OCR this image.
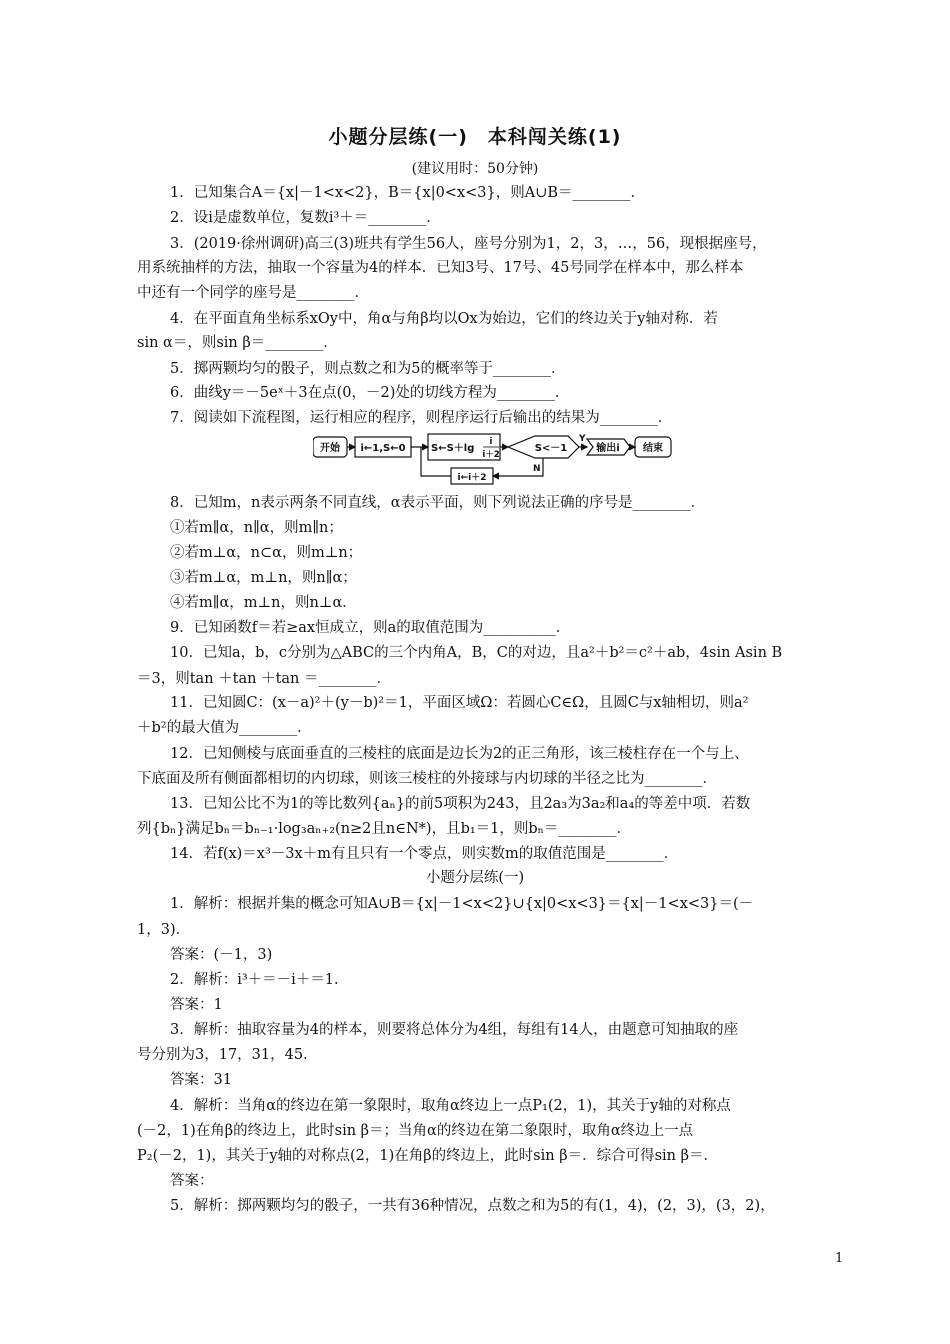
小题分层练(一)　本科闯关练(1)
(建议用时：50分钟)
1．已知集合A＝{x|－1<x<2}，B＝{x|0<x<3}，则A∪B＝________．
2．设i是虚数单位，复数i³＋＝________．
3．(2019·徐州调研)高三(3)班共有学生56人，座号分别为1，2，3，…，56，现根据座号，
用系统抽样的方法，抽取一个容量为4的样本．已知3号、17号、45号同学在样本中，那么样本
中还有一个同学的座号是________．
4．在平面直角坐标系xOy中，角α与角β均以Ox为始边，它们的终边关于y轴对称．若
sin α＝，则sin β＝________．
5．掷两颗均匀的骰子，则点数之和为5的概率等于________．
6．曲线y＝－5eˣ＋3在点(0，－2)处的切线方程为________．
7．阅读如下流程图，运行相应的程序，则程序运行后输出的结果为________．
8．已知m，n表示两条不同直线，α表示平面，则下列说法正确的序号是________．
①若m∥α，n∥α，则m∥n；
②若m⊥α，n⊂α，则m⊥n；
③若m⊥α，m⊥n，则n∥α；
④若m∥α，m⊥n，则n⊥α．
9．已知函数f＝若≥ax恒成立，则a的取值范围为__________．
10．已知a，b，c分别为△ABC的三个内角A，B，C的对边，且a²＋b²＝c²＋ab，4sin Asin B
＝3，则tan ＋tan ＋tan ＝________．
11．已知圆C：(x－a)²＋(y－b)²＝1，平面区域Ω：若圆心C∈Ω，且圆C与x轴相切，则a²
＋b²的最大值为________．
12．已知侧棱与底面垂直的三棱柱的底面是边长为2的正三角形，该三棱柱存在一个与上、
下底面及所有侧面都相切的内切球，则该三棱柱的外接球与内切球的半径之比为________．
13．已知公比不为1的等比数列{aₙ}的前5项积为243，且2a₃为3a₂和a₄的等差中项．若数
列{bₙ}满足bₙ＝bₙ₋₁·log₃aₙ₊₂(n≥2且n∈N*)，且b₁＝1，则bₙ＝________．
14．若f(x)＝x³－3x＋m有且只有一个零点，则实数m的取值范围是________．
小题分层练(一)
1．解析：根据并集的概念可知A∪B＝{x|－1<x<2}∪{x|0<x<3}＝{x|－1<x<3}＝(－
1，3)．
答案：(－1，3)
2．解析：i³＋＝－i＋＝1.
答案：1
3．解析：抽取容量为4的样本，则要将总体分为4组，每组有14人，由题意可知抽取的座
号分别为3，17，31，45.
答案：31
4．解析：当角α的终边在第一象限时，取角α终边上一点P₁(2，1)，其关于y轴的对称点
(－2，1)在角β的终边上，此时sin β＝；当角α的终边在第二象限时，取角α终边上一点
P₂(－2，1)，其关于y轴的对称点(2，1)在角β的终边上，此时sin β＝．综合可得sin β＝．
答案：
5．解析：掷两颗均匀的骰子，一共有36种情况，点数之和为5的有(1，4)，(2，3)，(3，2)，
开始 i←1,S←0	S←S＋lg
i
i＋2
S<－1
Y
N
输出i 结束
i←i＋2
1
